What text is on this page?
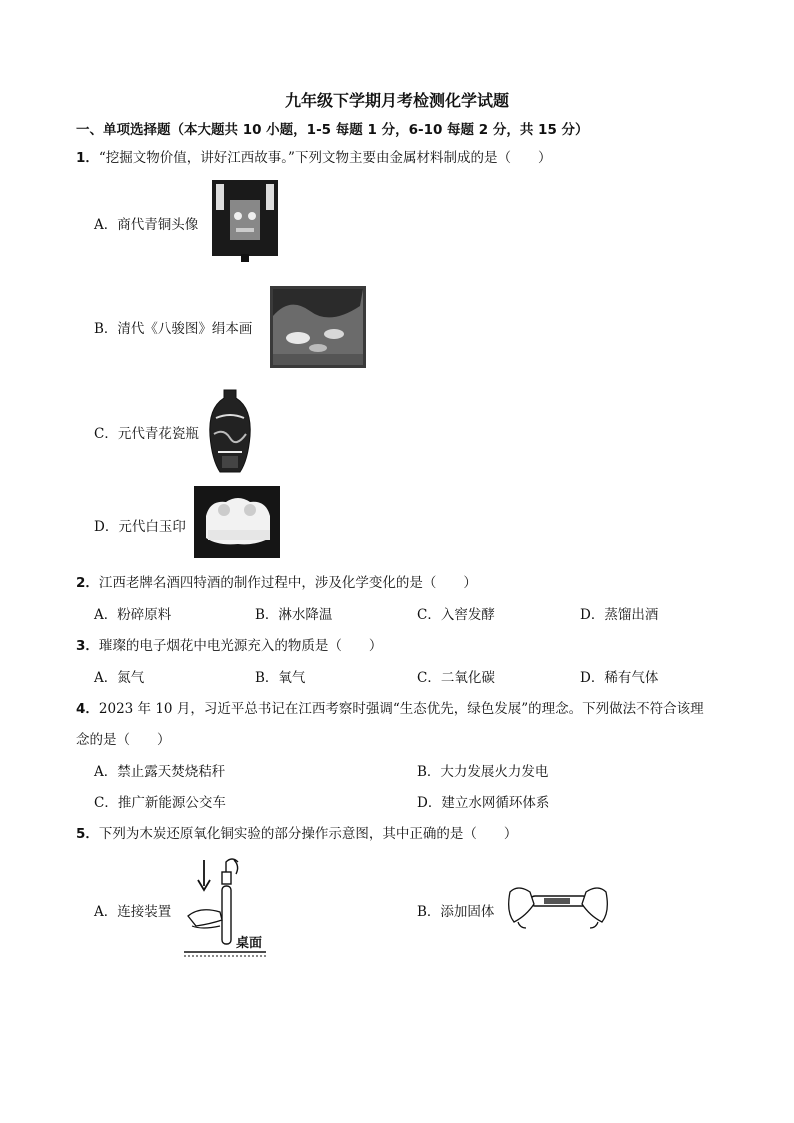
九年级下学期月考检测化学试题
一、单项选择题（本大题共 10 小题，1-5 每题 1 分，6-10 每题 2 分，共 15 分）
1．“挖掘文物价值，讲好江西故事。”下列文物主要由金属材料制成的是（　　）
A．商代青铜头像
B．清代《八骏图》绢本画
C．元代青花瓷瓶
D．元代白玉印
2．江西老牌名酒四特酒的制作过程中，涉及化学变化的是（　　）
A．粉碎原料	B．淋水降温	C．入窖发酵	D．蒸馏出酒
3．璀璨的电子烟花中电光源充入的物质是（　　）
A．氮气	B．氧气	C．二氧化碳	D．稀有气体
4．2023 年 10 月，习近平总书记在江西考察时强调“生态优先，绿色发展”的理念。下列做法不符合该理
念的是（　　）
A．禁止露天焚烧秸秆	B．大力发展火力发电
C．推广新能源公交车	D．建立水网循环体系
5．下列为木炭还原氧化铜实验的部分操作示意图，其中正确的是（　　）
A．连接装置
桌面
B．添加固体
